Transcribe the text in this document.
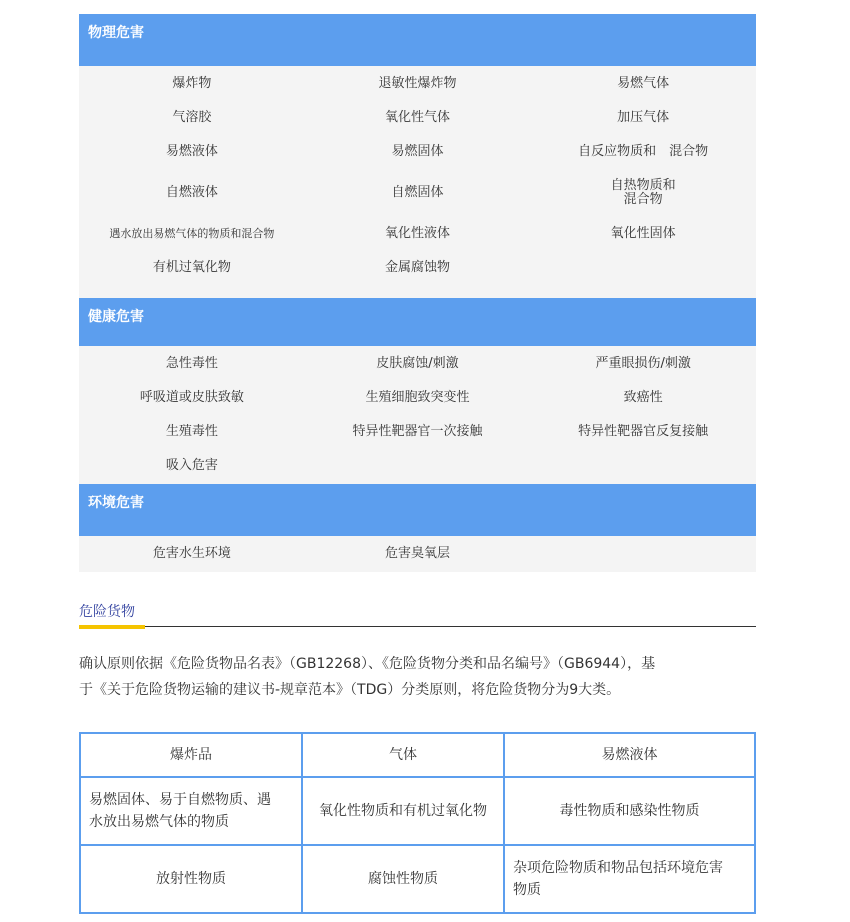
物理危害
爆炸物	退敏性爆炸物	易燃气体
气溶胶	氧化性气体	加压气体
易燃液体	易燃固体	自反应物质和　混合物
自燃液体	自燃固体	自热物质和
混合物
遇水放出易燃气体的物质和混合物	氧化性液体	氧化性固体
有机过氧化物	金属腐蚀物
健康危害
急性毒性	皮肤腐蚀/刺激	严重眼损伤/刺激
呼吸道或皮肤致敏	生殖细胞致突变性	致癌性
生殖毒性	特异性靶器官一次接触	特异性靶器官反复接触
吸入危害
环境危害
危害水生环境	危害臭氧层
危险货物

确认原则依据《危险货物品名表》（GB12268）、《危险货物分类和品名编号》（GB6944），基
于《关于危险货物运输的建议书-规章范本》（TDG）分类原则，将危险货物分为9大类。

爆炸品	气体	易燃液体
易燃固体、易于自燃物质、遇水放出易燃气体的物质	氧化性物质和有机过氧化物	毒性物质和感染性物质
放射性物质	腐蚀性物质	杂项危险物质和物品包括环境危害物质
